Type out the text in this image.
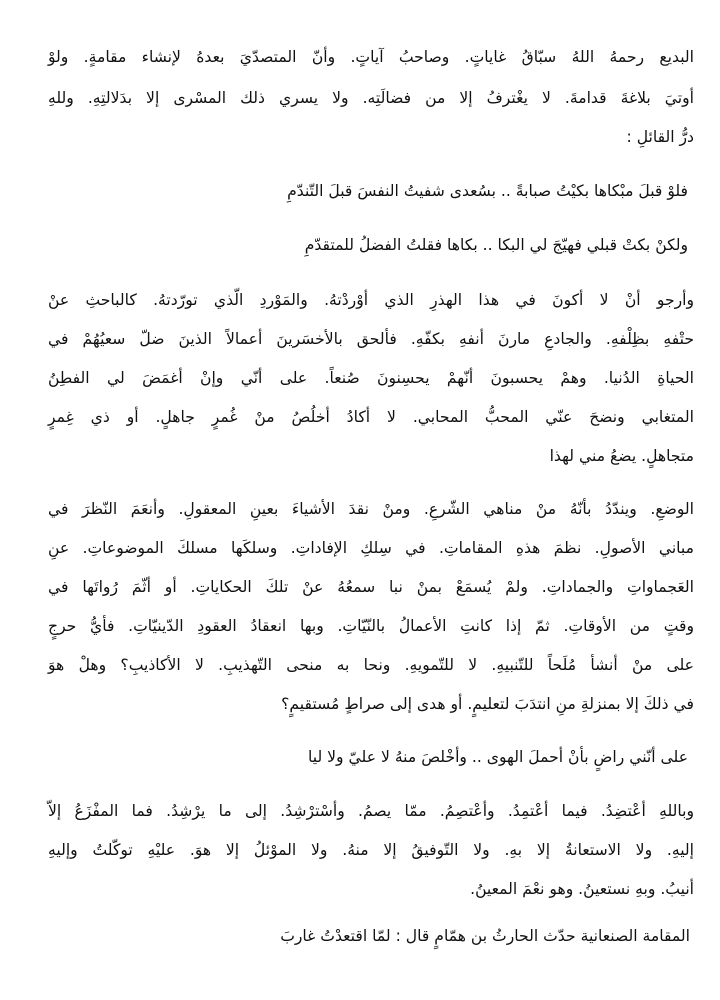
البديع رحمهُ اللهُ سبّاقُ غاياتٍ. وصاحبُ آياتٍ. وأنّ المتصدّيَ بعدهُ لإنشاء مقامةٍ. ولوْ
أوتيَ بلاغةَ قدامةَ. لا يغْترفُ إلا من فضالَتِه. ولا يسري ذلك المسْرى إلا بدَلالتِهِ. وللهِ
درُّ القائلِ :
فلوْ قبلَ مبْكاها بكيْتُ صبابةً .. بسُعدى شفيتُ النفسَ قبلَ التّندّمِ
ولكنْ بكتْ قبلي فهيّجَ لي البكا .. بكاها فقلتُ الفضلُ للمتقدّمِ
وأرجو أنْ لا أكونَ في هذا الهذرِ الذي أوْردْتهُ. والمَوْردِ الّذي تورّدتهُ. كالباحثِ عنْ
حتْفهِ بظِلْفهِ. والجادعِ مارنَ أنفهِ بكفّهِ. فألحق بالأخسَرينَ أعمالاً الذينَ ضلّ سعيُهُمْ في
الحياةِ الدُنيا. وهمْ يحسبونَ أنّهمْ يحسِنونَ صُنعاً. على أنّي وإنْ أغمَضَ لي الفطِنُ
المتغابي ونضحَ عنّي المحبُّ المحابي. لا أكادُ أخلُصُ منْ غُمرٍ جاهلٍ. أو ذي غِمرٍ
متجاهلٍ. يضعُ مني لهذا
الوضعِ. ويندّدُ بأنّهُ منْ مناهي الشّرعِ. ومنْ نقدَ الأشياءَ بعينِ المعقولِ. وأنعَمَ النّظرَ في
مباني الأصولِ. نظمَ هذهِ المقاماتِ. في سِلكِ الإفاداتِ. وسلكَها مسلكَ الموضوعاتِ. عنِ
العَجماواتِ والجماداتِ. ولمْ يُسمَعْ بمنْ نبا سمعُهُ عنْ تلكَ الحكاياتِ. أو أثّمَ رُواتَها في
وقتٍ من الأوقاتِ. ثمّ إذا كانتِ الأعمالُ بالنّيّاتِ. وبها انعقادُ العقودِ الدّينيّاتِ. فأيُّ حرجٍ
على منْ أنشأ مُلَحاً للتّنبيهِ. لا للتّمويهِ. ونحا به منحى التّهذيبِ. لا الأكاذيبِ؟ وهلْ هوَ
في ذلكَ إلا بمنزلةِ منِ انتدَبَ لتعليمٍ. أو هدى إلى صراطٍ مُستقيمٍ؟
على أنّني راضٍ بأنْ أحملَ الهوى .. وأخْلصَ منهُ لا عليّ ولا ليا
وباللهِ أعْتضِدُ. فيما أعْتمِدُ. وأعْتصِمُ. ممّا يصمُ. وأسْترْشِدُ. إلى ما يرْشِدُ. فما المفْزَعُ إلاّ
إليهِ. ولا الاستعانةُ إلا بهِ. ولا التّوفيقُ إلا منهُ. ولا الموْئلُ إلا هوَ. عليْهِ توكّلتُ وإليهِ
أنيبُ. وبهِ نستعينُ. وهو نعْمَ المعينُ.
المقامة الصنعانية حدّث الحارثُ بن همّامٍ قال : لمّا اقتعدْتُ غاربَ
